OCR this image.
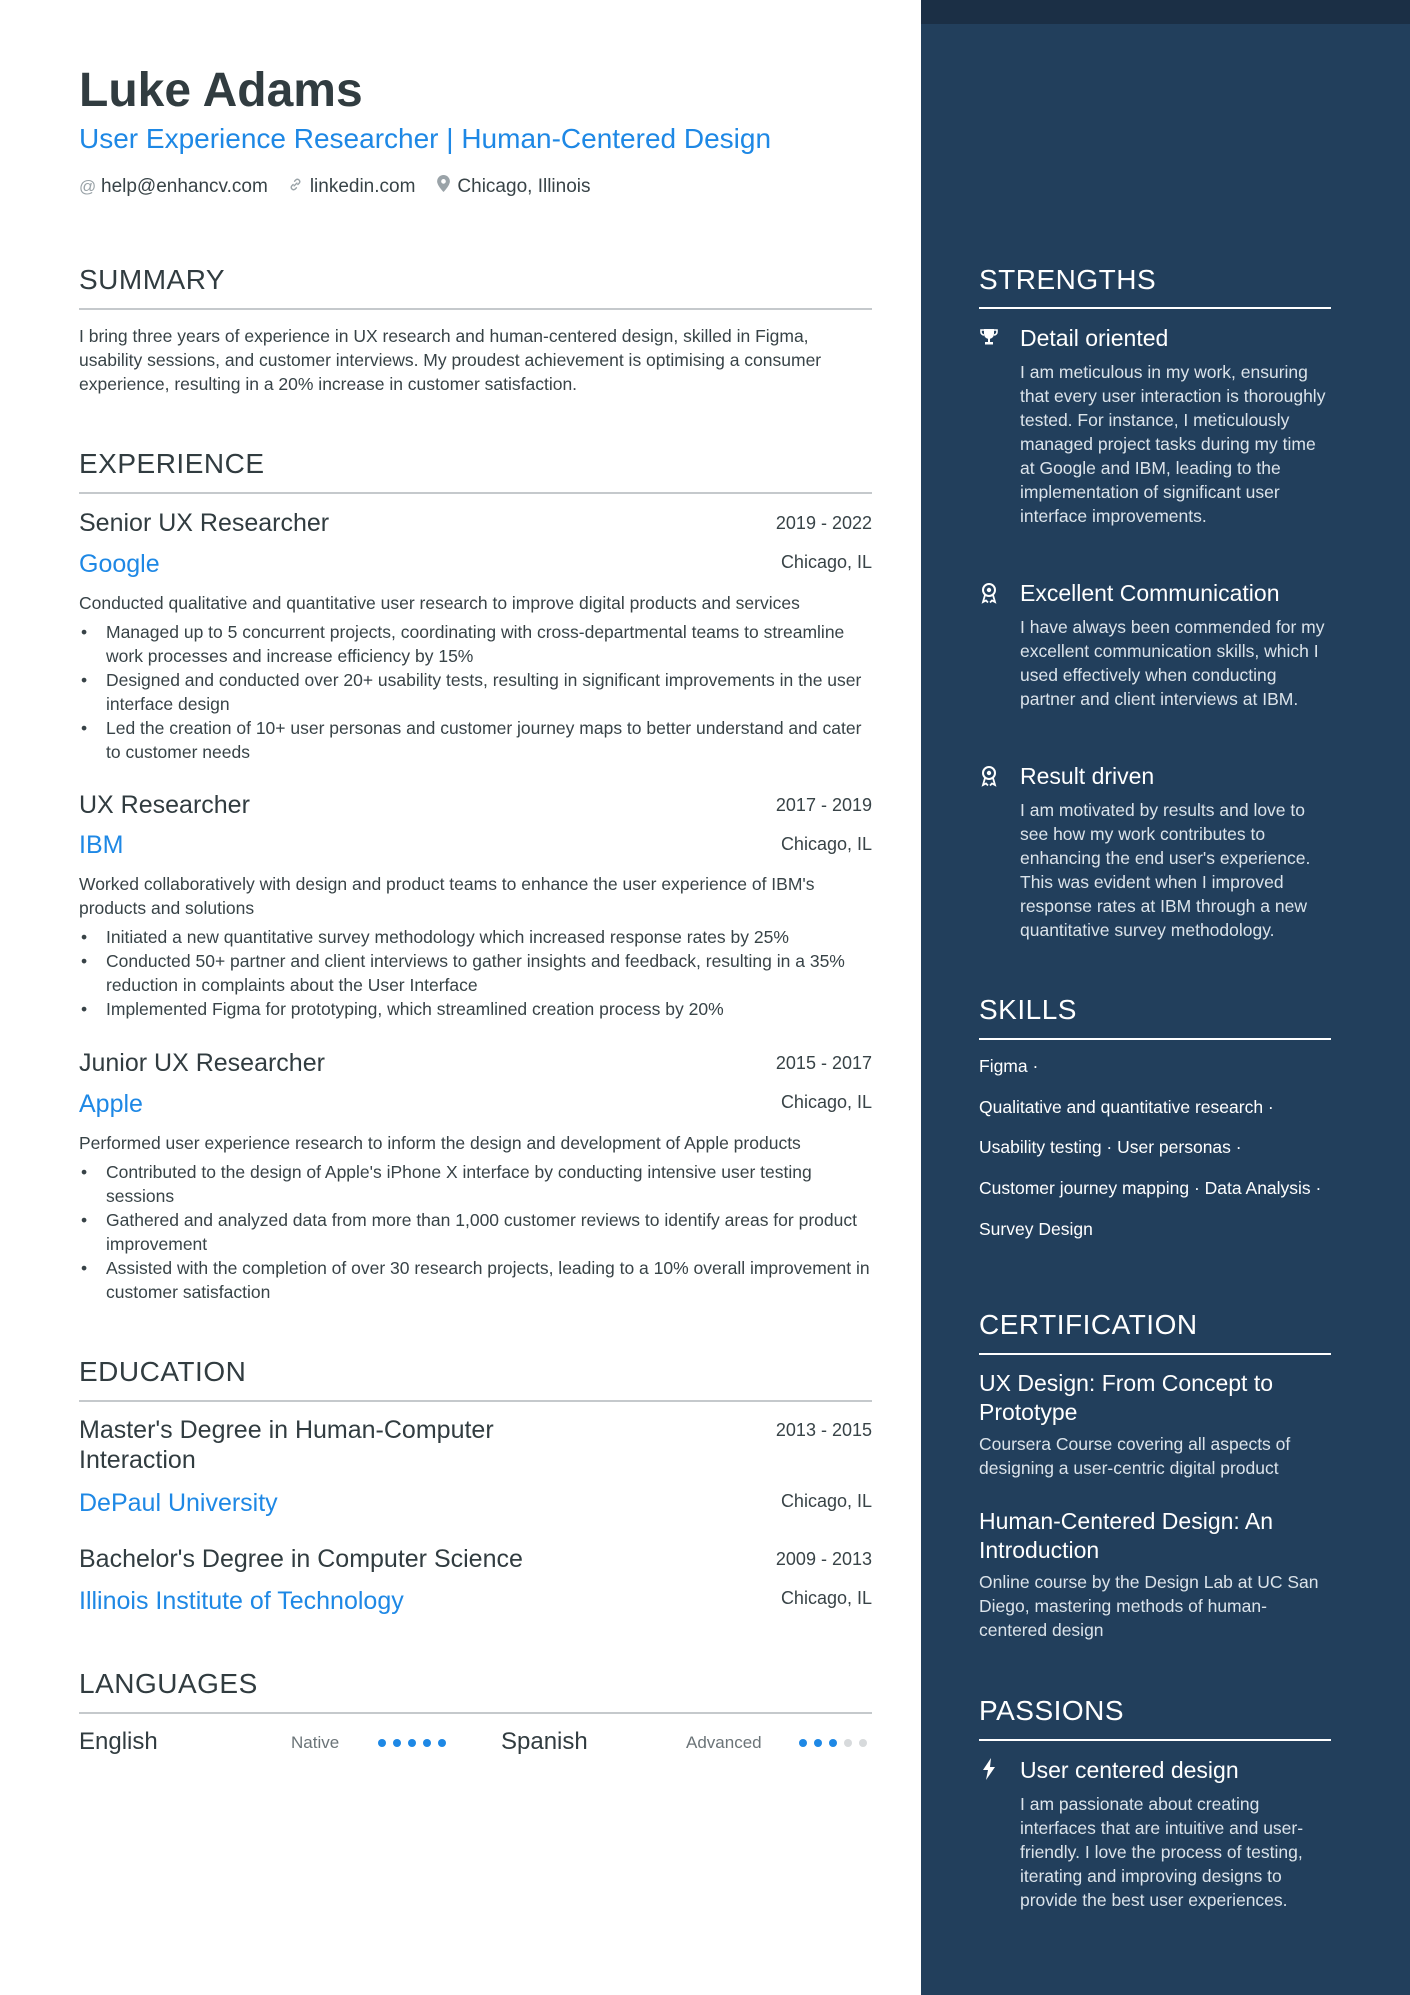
Luke Adams
User Experience Researcher | Human-Centered Design
@ help@enhancv.com linkedin.com Chicago, Illinois
SUMMARY
I bring three years of experience in UX research and human-centered design, skilled in Figma,
usability sessions, and customer interviews. My proudest achievement is optimising a consumer
experience, resulting in a 20% increase in customer satisfaction.
EXPERIENCE
Senior UX Researcher	2019 - 2022
Google	Chicago, IL
Conducted qualitative and quantitative user research to improve digital products and services
• Managed up to 5 concurrent projects, coordinating with cross-departmental teams to streamline work processes and increase efficiency by 15%
• Designed and conducted over 20+ usability tests, resulting in significant improvements in the user interface design
• Led the creation of 10+ user personas and customer journey maps to better understand and cater to customer needs
UX Researcher	2017 - 2019
IBM	Chicago, IL
Worked collaboratively with design and product teams to enhance the user experience of IBM's products and solutions
• Initiated a new quantitative survey methodology which increased response rates by 25%
• Conducted 50+ partner and client interviews to gather insights and feedback, resulting in a 35% reduction in complaints about the User Interface
• Implemented Figma for prototyping, which streamlined creation process by 20%
Junior UX Researcher	2015 - 2017
Apple	Chicago, IL
Performed user experience research to inform the design and development of Apple products
• Contributed to the design of Apple's iPhone X interface by conducting intensive user testing sessions
• Gathered and analyzed data from more than 1,000 customer reviews to identify areas for product improvement
• Assisted with the completion of over 30 research projects, leading to a 10% overall improvement in customer satisfaction
EDUCATION
Master's Degree in Human-Computer Interaction
2013 - 2015
DePaul University	Chicago, IL
Bachelor's Degree in Computer Science	2009 - 2013
Illinois Institute of Technology	Chicago, IL
LANGUAGES
English	Native	Spanish	Advanced
STRENGTHS
Detail oriented
I am meticulous in my work, ensuring that every user interaction is thoroughly tested. For instance, I meticulously managed project tasks during my time at Google and IBM, leading to the implementation of significant user interface improvements.
Excellent Communication
I have always been commended for my excellent communication skills, which I used effectively when conducting partner and client interviews at IBM.
Result driven
I am motivated by results and love to see how my work contributes to enhancing the end user's experience. This was evident when I improved response rates at IBM through a new quantitative survey methodology.
SKILLS
Figma ·
Qualitative and quantitative research ·
Usability testing · User personas ·
Customer journey mapping · Data Analysis ·
Survey Design
CERTIFICATION
UX Design: From Concept to Prototype
Coursera Course covering all aspects of designing a user-centric digital product
Human-Centered Design: An Introduction
Online course by the Design Lab at UC San Diego, mastering methods of human-centered design
PASSIONS
User centered design
I am passionate about creating interfaces that are intuitive and user-friendly. I love the process of testing, iterating and improving designs to provide the best user experiences.
